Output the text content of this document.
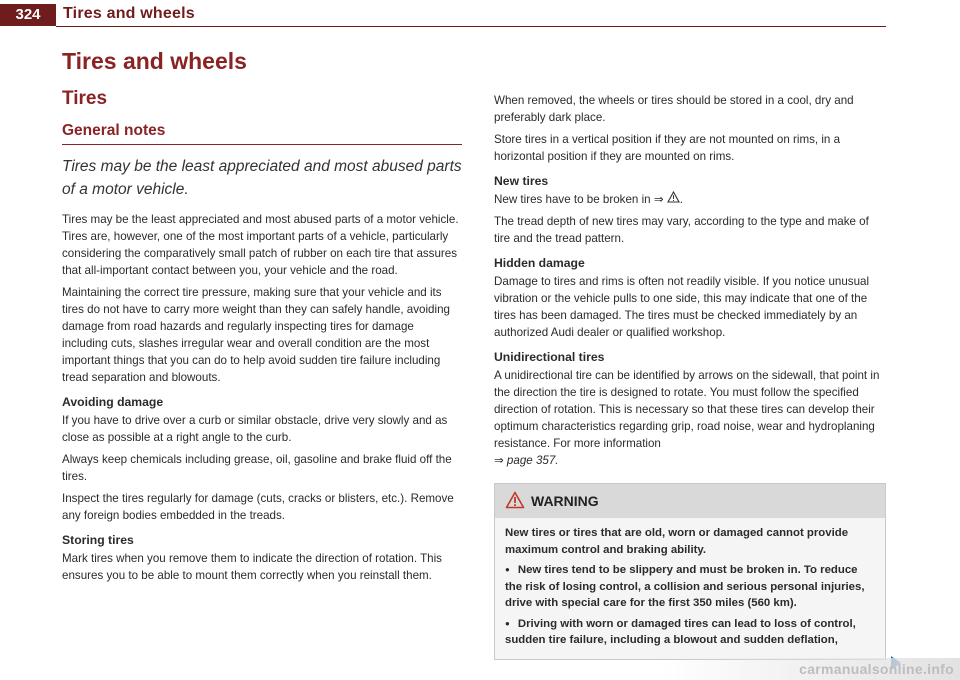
324	Tires and wheels
Tires and wheels
Tires
General notes
Tires may be the least appreciated and most abused parts of a motor vehicle.

Tires may be the least appreciated and most abused parts of a motor vehicle. Tires are, however, one of the most important parts of a vehicle, particularly considering the comparatively small patch of rubber on each tire that assures that all-important contact between you, your vehicle and the road.

Maintaining the correct tire pressure, making sure that your vehicle and its tires do not have to carry more weight than they can safely handle, avoiding damage from road hazards and regularly inspecting tires for damage including cuts, slashes irregular wear and overall condition are the most important things that you can do to help avoid sudden tire failure including tread separation and blowouts.

Avoiding damage

If you have to drive over a curb or similar obstacle, drive very slowly and as close as possible at a right angle to the curb.

Always keep chemicals including grease, oil, gasoline and brake fluid off the tires.

Inspect the tires regularly for damage (cuts, cracks or blisters, etc.). Remove any foreign bodies embedded in the treads.

Storing tires

Mark tires when you remove them to indicate the direction of rotation. This ensures you to be able to mount them correctly when you reinstall them.

When removed, the wheels or tires should be stored in a cool, dry and preferably dark place.

Store tires in a vertical position if they are not mounted on rims, in a horizontal position if they are mounted on rims.

New tires

New tires have to be broken in ⇒ .

The tread depth of new tires may vary, according to the type and make of tire and the tread pattern.

Hidden damage

Damage to tires and rims is often not readily visible. If you notice unusual vibration or the vehicle pulls to one side, this may indicate that one of the tires has been damaged. The tires must be checked immediately by an authorized Audi dealer or qualified workshop.

Unidirectional tires

A unidirectional tire can be identified by arrows on the sidewall, that point in the direction the tire is designed to rotate. You must follow the specified direction of rotation. This is necessary so that these tires can develop their optimum characteristics regarding grip, road noise, wear and hydroplaning resistance. For more information
⇒ page 357.

WARNING

New tires or tires that are old, worn or damaged cannot provide maximum control and braking ability.

● New tires tend to be slippery and must be broken in. To reduce the risk of losing control, a collision and serious personal injuries, drive with special care for the first 350 miles (560 km).

● Driving with worn or damaged tires can lead to loss of control, sudden tire failure, including a blowout and sudden deflation,

carmanualsonline.info
